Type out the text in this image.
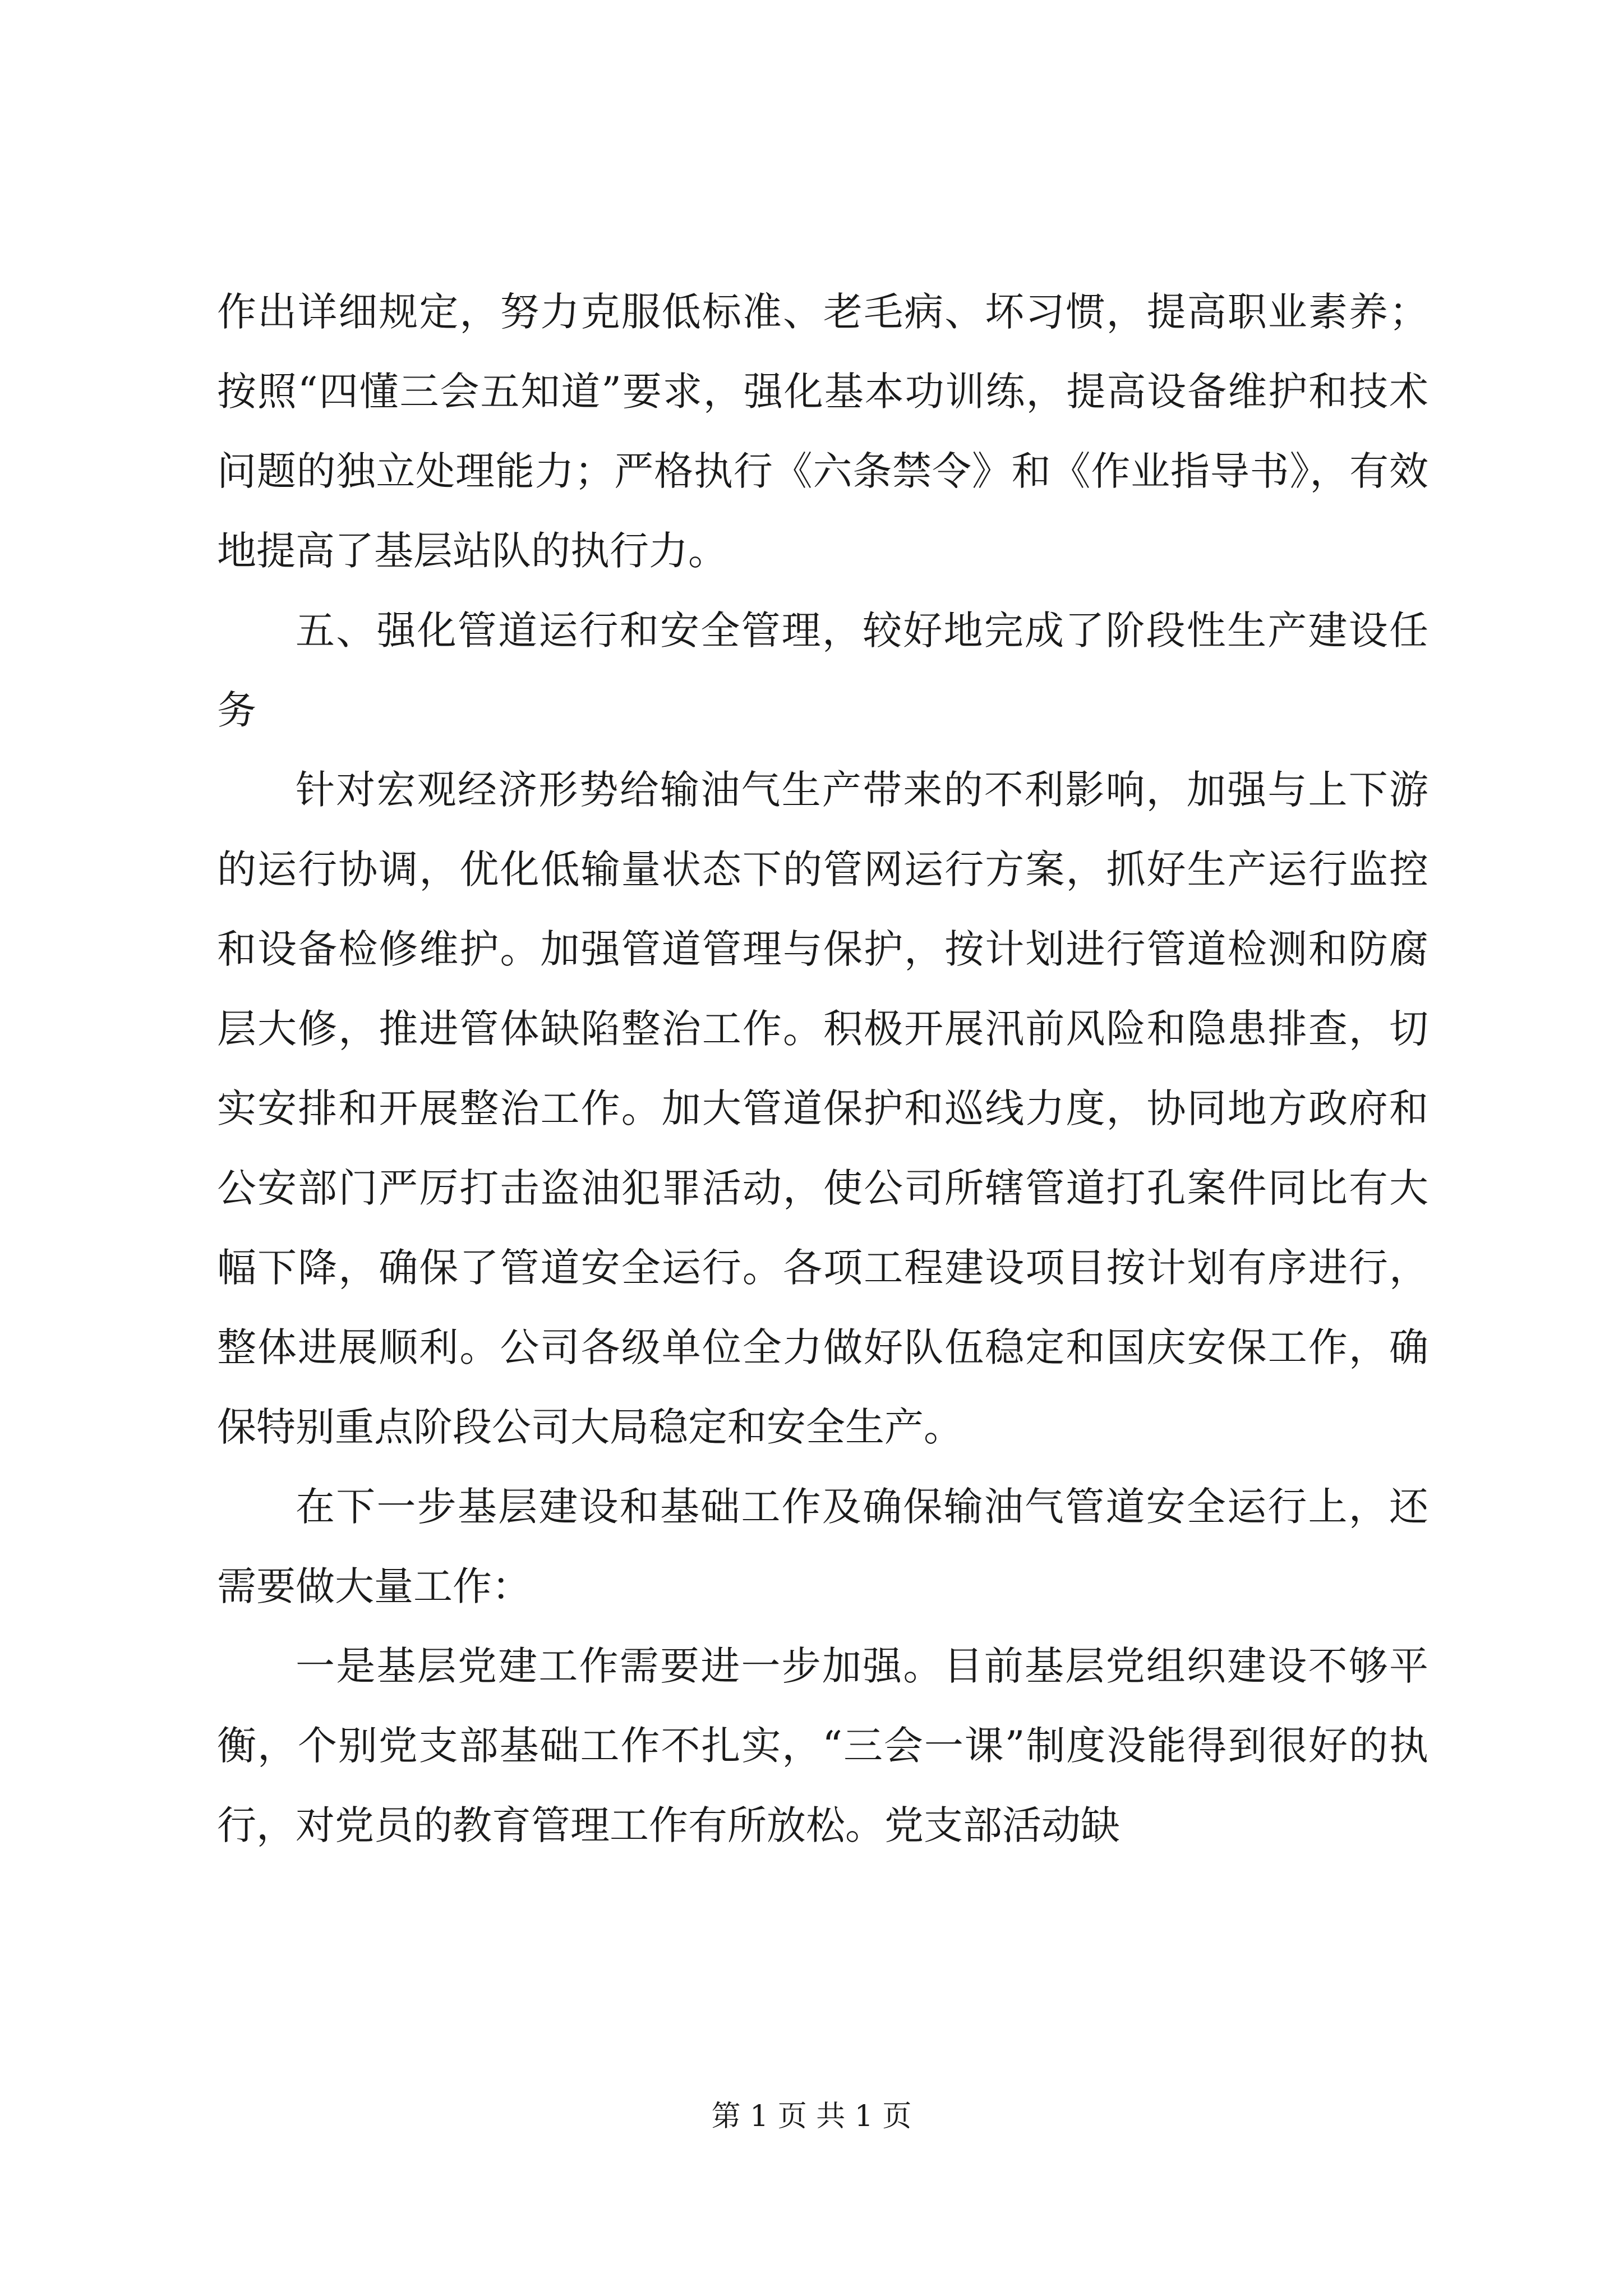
作出详细规定，努力克服低标准、老毛病、坏习惯，提高职业素养；按照“四懂三会五知道”要求，强化基本功训练，提高设备维护和技术问题的独立处理能力；严格执行《六条禁令》和《作业指导书》，有效地提高了基层站队的执行力。

五、强化管道运行和安全管理，较好地完成了阶段性生产建设任务

针对宏观经济形势给输油气生产带来的不利影响，加强与上下游的运行协调，优化低输量状态下的管网运行方案，抓好生产运行监控和设备检修维护。加强管道管理与保护，按计划进行管道检测和防腐层大修，推进管体缺陷整治工作。积极开展汛前风险和隐患排查，切实安排和开展整治工作。加大管道保护和巡线力度，协同地方政府和公安部门严厉打击盗油犯罪活动，使公司所辖管道打孔案件同比有大幅下降，确保了管道安全运行。各项工程建设项目按计划有序进行，整体进展顺利。公司各级单位全力做好队伍稳定和国庆安保工作，确保特别重点阶段公司大局稳定和安全生产。

在下一步基层建设和基础工作及确保输油气管道安全运行上，还需要做大量工作：

一是基层党建工作需要进一步加强。目前基层党组织建设不够平衡，个别党支部基础工作不扎实，“三会一课”制度没能得到很好的执行，对党员的教育管理工作有所放松。党支部活动缺

第 1 页 共 1 页
